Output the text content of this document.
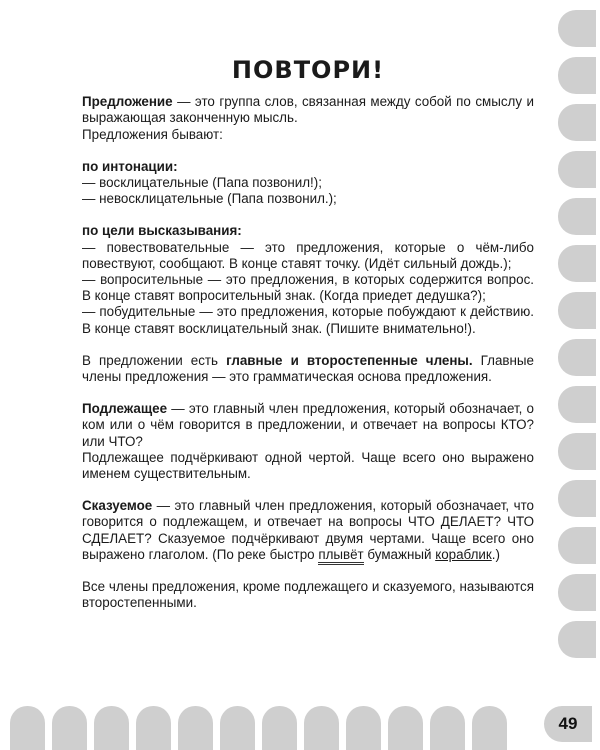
49
ПОВТОРИ!

Предложение — это группа слов, связанная между собой по смыслу и выражающая законченную мысль.

Предложения бывают:

по интонации:

— восклицательные (Папа позвонил!);

— невосклицательные (Папа позвонил.);

по цели высказывания:

— повествовательные — это предложения, которые о чём-либо повествуют, сообщают. В конце ставят точку. (Идёт сильный дождь.);

— вопросительные — это предложения, в которых содержится вопрос. В конце ставят вопросительный знак. (Когда приедет дедушка?);

— побудительные — это предложения, которые побуждают к действию. В конце ставят восклицательный знак. (Пишите внимательно!).

В предложении есть главные и второстепенные члены. Главные члены предложения — это грамматическая основа предложения.

Подлежащее — это главный член предложения, который обозначает, о ком или о чём говорится в предложении, и отвечает на вопросы КТО? или ЧТО?

Подлежащее подчёркивают одной чертой. Чаще всего оно выражено именем существительным.

Сказуемое — это главный член предложения, который обозначает, что говорится о подлежащем, и отвечает на вопросы ЧТО ДЕЛАЕТ? ЧТО СДЕЛАЕТ? Сказуемое подчёркивают двумя чертами. Чаще всего оно выражено глаголом. (По реке быстро плывёт бумажный кораблик.)

Все члены предложения, кроме подлежащего и сказуемого, называются второстепенными.
